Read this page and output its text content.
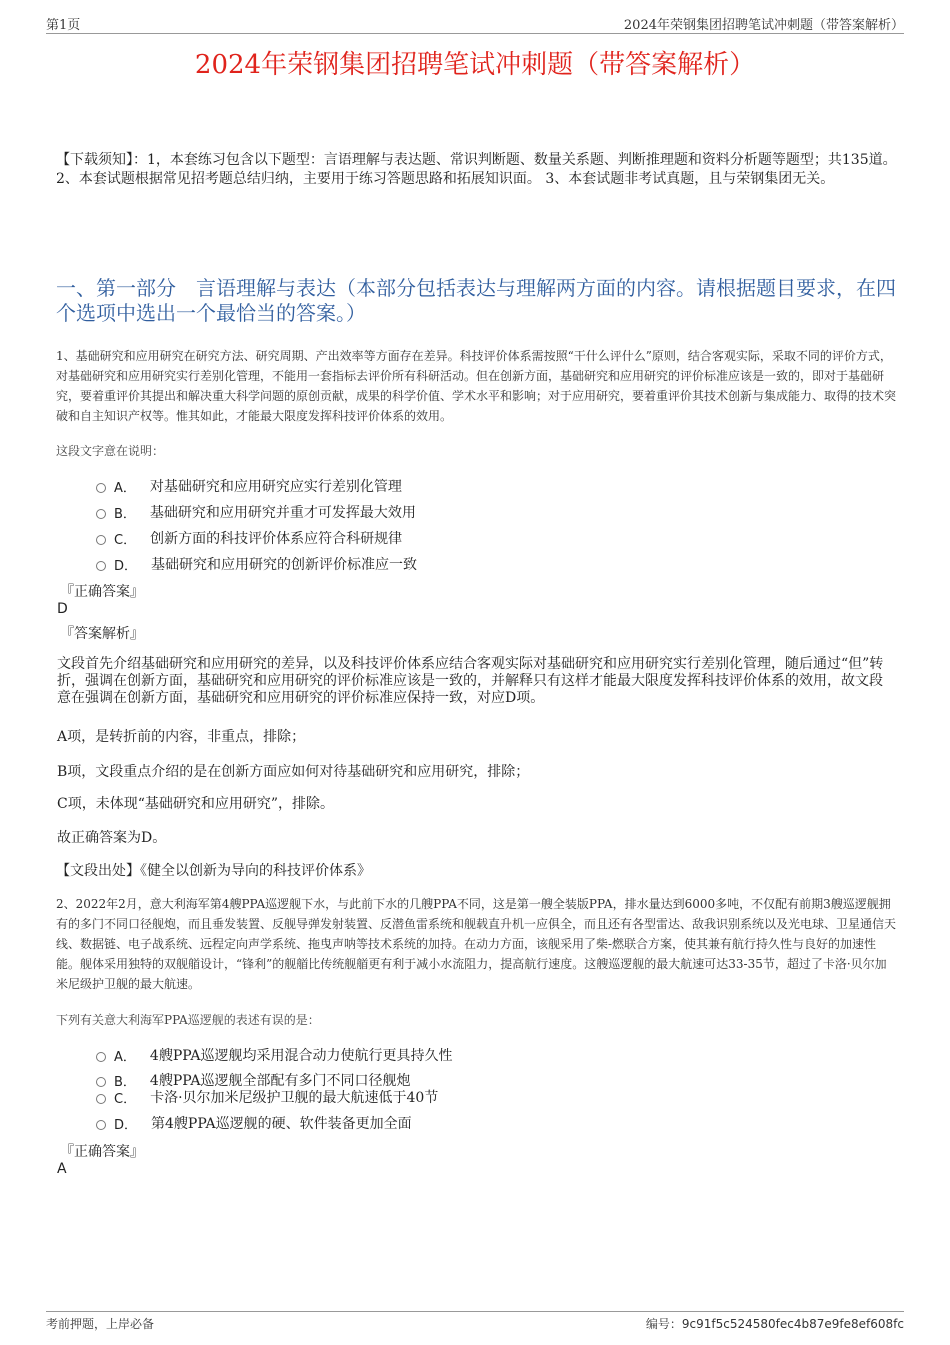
第1页	2024年荣钢集团招聘笔试冲刺题（带答案解析）
2024年荣钢集团招聘笔试冲刺题（带答案解析）
【下载须知】：1，本套练习包含以下题型：言语理解与表达题、常识判断题、数量关系题、判断推理题和资料分析题等题型；共135道。 2、本套试题根据常见招考题总结归纳，主要用于练习答题思路和拓展知识面。 3、本套试题非考试真题，且与荣钢集团无关。
一、第一部分　言语理解与表达（本部分包括表达与理解两方面的内容。请根据题目要求，在四个选项中选出一个最恰当的答案。）
1、基础研究和应用研究在研究方法、研究周期、产出效率等方面存在差异。科技评价体系需按照“干什么评什么”原则，结合客观实际，采取不同的评价方式，对基础研究和应用研究实行差别化管理，不能用一套指标去评价所有科研活动。但在创新方面，基础研究和应用研究的评价标准应该是一致的，即对于基础研究，要着重评价其提出和解决重大科学问题的原创贡献，成果的科学价值、学术水平和影响；对于应用研究，要着重评价其技术创新与集成能力、取得的技术突破和自主知识产权等。惟其如此，才能最大限度发挥科技评价体系的效用。
这段文字意在说明：
A． 对基础研究和应用研究应实行差别化管理
B． 基础研究和应用研究并重才可发挥最大效用
C． 创新方面的科技评价体系应符合科研规律
D． 基础研究和应用研究的创新评价标准应一致
『正确答案』
D
『答案解析』
文段首先介绍基础研究和应用研究的差异，以及科技评价体系应结合客观实际对基础研究和应用研究实行差别化管理，随后通过“但”转折，强调在创新方面，基础研究和应用研究的评价标准应该是一致的，并解释只有这样才能最大限度发挥科技评价体系的效用，故文段意在强调在创新方面，基础研究和应用研究的评价标准应保持一致，对应D项。
A项，是转折前的内容，非重点，排除；
B项，文段重点介绍的是在创新方面应如何对待基础研究和应用研究，排除；
C项，未体现“基础研究和应用研究”，排除。
故正确答案为D。
【文段出处】《健全以创新为导向的科技评价体系》
2、2022年2月，意大利海军第4艘PPA巡逻舰下水，与此前下水的几艘PPA不同，这是第一艘全装版PPA，排水量达到6000多吨，不仅配有前期3艘巡逻舰拥有的多门不同口径舰炮，而且垂发装置、反舰导弹发射装置、反潜鱼雷系统和舰载直升机一应俱全，而且还有各型雷达、敌我识别系统以及光电球、卫星通信天线、数据链、电子战系统、远程定向声学系统、拖曳声呐等技术系统的加持。在动力方面，该舰采用了柴-燃联合方案，使其兼有航行持久性与良好的加速性能。舰体采用独特的双舰艏设计，“锋利”的舰艏比传统舰艏更有利于减小水流阻力，提高航行速度。这艘巡逻舰的最大航速可达33-35节，超过了卡洛·贝尔加米尼级护卫舰的最大航速。
下列有关意大利海军PPA巡逻舰的表述有误的是：
A． 4艘PPA巡逻舰均采用混合动力使航行更具持久性
B． 4艘PPA巡逻舰全部配有多门不同口径舰炮
C． 卡洛·贝尔加米尼级护卫舰的最大航速低于40节
D． 第4艘PPA巡逻舰的硬、软件装备更加全面
『正确答案』
A
考前押题，上岸必备	编号：9c91f5c524580fec4b87e9fe8ef608fc
